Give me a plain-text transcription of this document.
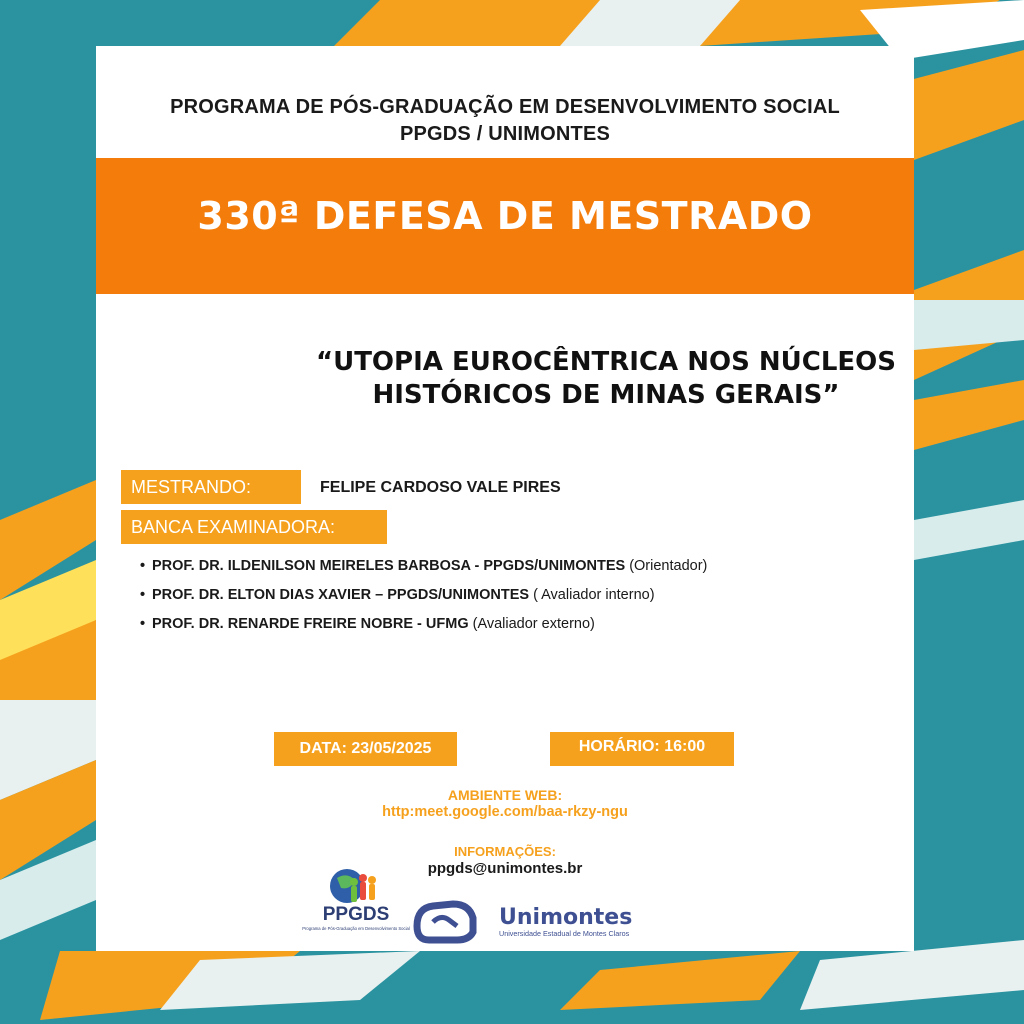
PROGRAMA DE PÓS-GRADUAÇÃO EM DESENVOLVIMENTO SOCIAL
PPGDS / UNIMONTES
“UTOPIA EUROCÊNTRICA NOS NÚCLEOS
HISTÓRICOS DE MINAS GERAIS”
MESTRANDO:	FELIPE CARDOSO VALE PIRES
BANCA EXAMINADORA:
• PROF. DR. ILDENILSON MEIRELES BARBOSA - PPGDS/UNIMONTES (Orientador)
• PROF. DR. ELTON DIAS XAVIER – PPGDS/UNIMONTES ( Avaliador interno)
• PROF. DR. RENARDE FREIRE NOBRE - UFMG (Avaliador externo)
DATA: 23/05/2025	HORÁRIO: 16:00
AMBIENTE WEB:
http:meet.google.com/baa-rkzy-ngu
INFORMAÇÕES:
ppgds@unimontes.br
PPGDS
Programa de Pós-Graduação em Desenvolvimento Social	Unimontes
Universidade Estadual de Montes Claros
330ª DEFESA DE MESTRADO
